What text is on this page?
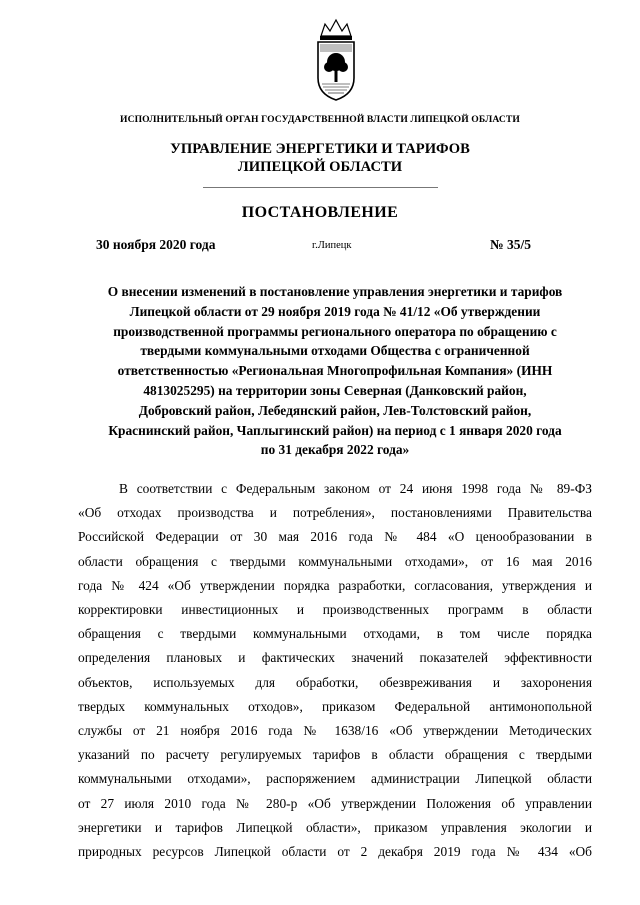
ИСПОЛНИТЕЛЬНЫЙ ОРГАН ГОСУДАРСТВЕННОЙ ВЛАСТИ ЛИПЕЦКОЙ ОБЛАСТИ
УПРАВЛЕНИЕ ЭНЕРГЕТИКИ И ТАРИФОВ
ЛИПЕЦКОЙ ОБЛАСТИ
ПОСТАНОВЛЕНИЕ
30 ноября 2020 года	г.Липецк	№ 35/5
О внесении изменений в постановление управления энергетики и тарифов
Липецкой области от 29 ноября 2019 года № 41/12 «Об утверждении
производственной программы регионального оператора по обращению с
твердыми коммунальными отходами Общества с ограниченной
ответственностью «Региональная Многопрофильная Компания» (ИНН
4813025295) на территории зоны Северная (Данковский район,
Добровский район, Лебедянский район, Лев-Толстовский район,
Краснинский район, Чаплыгинский район) на период с 1 января 2020 года
по 31 декабря 2022 года»
В соответствии с Федеральным законом от 24 июня 1998 года № 89-ФЗ
«Об отходах производства и потребления», постановлениями Правительства
Российской Федерации от 30 мая 2016 года № 484 «О ценообразовании в
области обращения с твердыми коммунальными отходами», от 16 мая 2016
года № 424 «Об утверждении порядка разработки, согласования, утверждения и
корректировки инвестиционных и производственных программ в области
обращения с твердыми коммунальными отходами, в том числе порядка
определения плановых и фактических значений показателей эффективности
объектов, используемых для обработки, обезвреживания и захоронения
твердых коммунальных отходов», приказом Федеральной антимонопольной
службы от 21 ноября 2016 года № 1638/16 «Об утверждении Методических
указаний по расчету регулируемых тарифов в области обращения с твердыми
коммунальными отходами», распоряжением администрации Липецкой области
от 27 июля 2010 года № 280-р «Об утверждении Положения об управлении
энергетики и тарифов Липецкой области», приказом управления экологии и
природных ресурсов Липецкой области от 2 декабря 2019 года № 434 «Об
